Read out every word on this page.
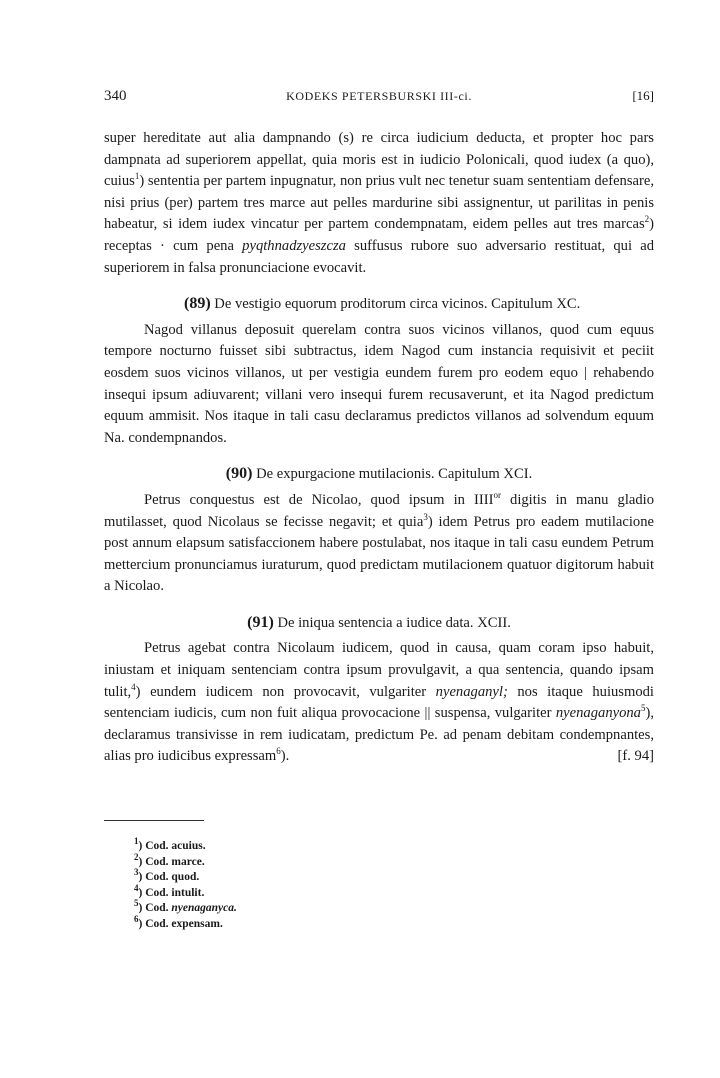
340	KODEKS PETERSBURSKI III-ci.	[16]

super hereditate aut alia dampnando (s) re circa iudicium deducta, et propter hoc pars dampnata ad superiorem appellat, quia moris est in iudicio Polonicali, quod iudex (a quo), cuius$^1$) sententia per partem inpugnatur, non prius vult nec tenetur suam sententiam defensare, nisi prius (per) partem tres marce aut pelles mardurine sibi assignentur, ut parilitas in penis habeatur, si idem iudex vincatur per partem condempnatam, eidem pelles aut tres marcas$^2$) receptas · cum pena pyqthnadzyeszcza suffusus rubore suo adversario restituat, qui ad superiorem in falsa pronunciacione evocavit.

(89) De vestigio equorum proditorum circa vicinos. Capitulum XC.

Nagod villanus deposuit querelam contra suos vicinos villanos, quod cum equus tempore nocturno fuisset sibi subtractus, idem Nagod cum instancia requisivit et peciit eosdem suos vicinos villanos, ut per vestigia eundem furem pro eodem equo | rehabendo insequi ipsum adiuvarent; villani vero insequi furem recusaverunt, et ita Nagod predictum equum ammisit. Nos itaque in tali casu declaramus predictos villanos ad solvendum equum Na. condempnandos.

(90) De expurgacione mutilacionis. Capitulum XCI.

Petrus conquestus est de Nicolao, quod ipsum in $IIII^{or}$ digitis in manu gladio mutilasset, quod Nicolaus se fecisse negavit; et quia$^3$) idem Petrus pro eadem mutilacione post annum elapsum satisfaccionem habere postulabat, nos itaque in tali casu eundem Petrum mettercium pronunciamus iuraturum, quod predictam mutilacionem quatuor digitorum habuit a Nicolao.

(91) De iniqua sentencia a iudice data. XCII.

Petrus agebat contra Nicolaum iudicem, quod in causa, quam coram ipso habuit, iniustam et iniquam sentenciam contra ipsum provulgavit, a qua sentencia, quando ipsam tulit,$^4$) eundem iudicem non provocavit, vulgariter nyenaganyl; nos itaque huiusmodi sentenciam iudicis, cum non fuit aliqua provocacione || suspensa, vulgariter nyenaganyona$^5$), declaramus transivisse in rem iudicatam, predictum Pe. ad penam debitam condempnantes, alias pro iudicibus expressam$^6$).	[f. 94]

$^1$) Cod. acuius.
$^2$) Cod. marce.
$^3$) Cod. quod.
$^4$) Cod. intulit.
$^5$) Cod. nyenaganyca.
$^6$) Cod. expensam.
